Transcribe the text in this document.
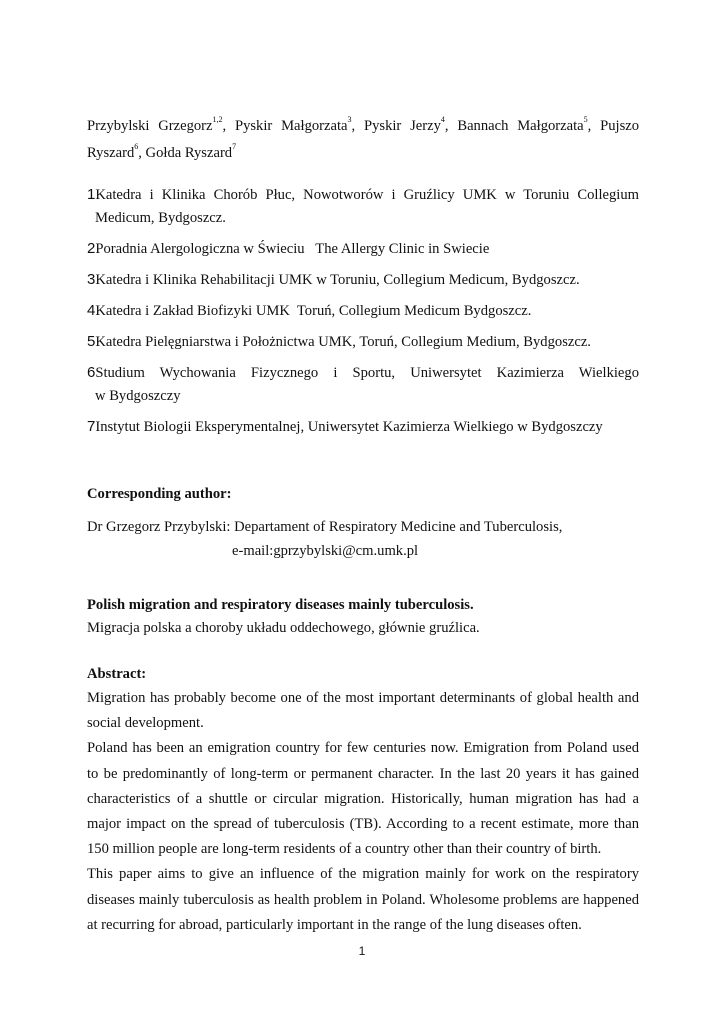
Przybylski Grzegorz$^{1,2}$, Pyskir Małgorzata$^3$, Pyskir Jerzy$^4$, Bannach Małgorzata$^5$, Pujszo

Ryszard$^6$, Gołda Ryszard$^7$

1Katedra i Klinika Chorób Płuc, Nowotworów i Gruźlicy UMK w Toruniu Collegium
Medicum, Bydgoszcz.

2Poradnia Alergologiczna w Świeciu   The Allergy Clinic in Swiecie

3Katedra i Klinika Rehabilitacji UMK w Toruniu, Collegium Medicum, Bydgoszcz.

4Katedra i Zakład Biofizyki UMK  Toruń, Collegium Medicum Bydgoszcz.

5Katedra Pielęgniarstwa i Położnictwa UMK, Toruń, Collegium Medium, Bydgoszcz.

6Studium Wychowania Fizycznego i Sportu, Uniwersytet Kazimierza Wielkiego
w Bydgoszczy

7Instytut Biologii Eksperymentalnej, Uniwersytet Kazimierza Wielkiego w Bydgoszczy

Corresponding author:
Dr Grzegorz Przybylski: Departament of Respiratory Medicine and Tuberculosis,
e-mail:gprzybylski@cm.umk.pl
Polish migration and respiratory diseases mainly tuberculosis.
Migracja polska a choroby układu oddechowego, głównie gruźlica.
Abstract:

Migration has probably become one of the most important determinants of global health and social development.

Poland has been an emigration country for few centuries now. Emigration from Poland used to be predominantly of long-term or permanent character. In the last 20 years it has gained characteristics of a shuttle or circular migration. Historically, human migration has had a major impact on the spread of tuberculosis (TB). According to a recent estimate, more than 150 million people are long-term residents of a country other than their country of birth.

This paper aims to give an influence of the migration mainly for work on the respiratory diseases mainly tuberculosis as health problem in Poland. Wholesome problems are happened at recurring for abroad, particularly important in the range of the lung diseases often.

1
